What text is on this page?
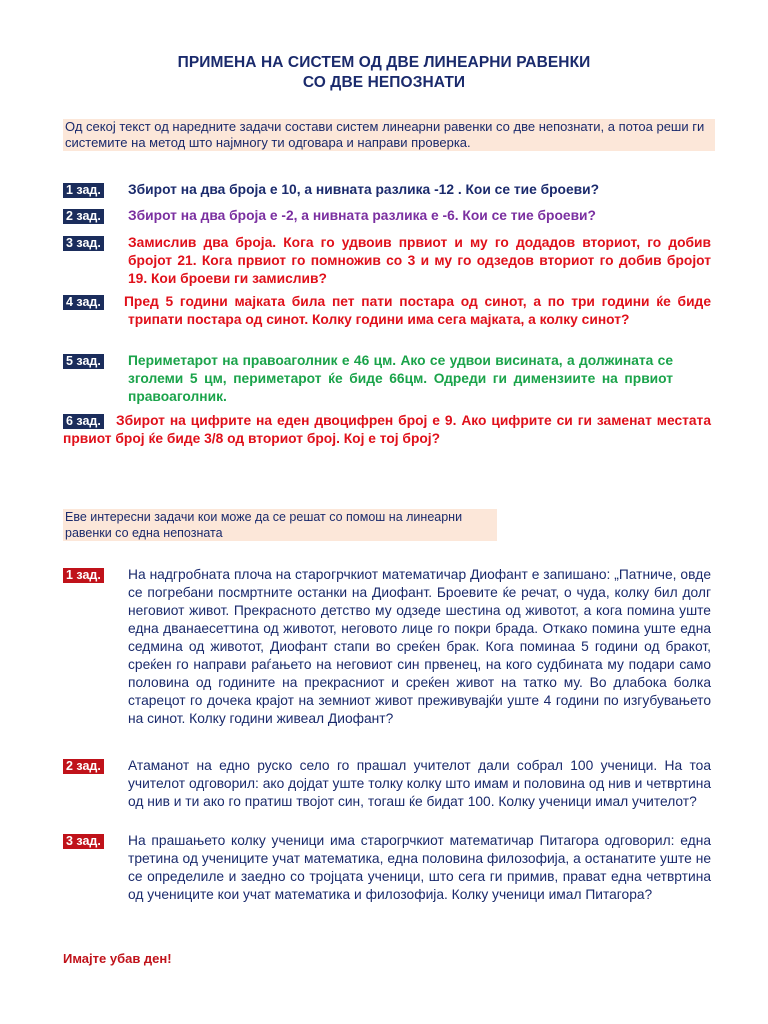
ПРИМЕНА НА СИСТЕМ ОД ДВЕ ЛИНЕАРНИ РАВЕНКИ
СО ДВЕ НЕПОЗНАТИ
Од секој текст од наредните задачи состави систем линеарни равенки со две непознати, а потоа реши ги системите на метод што најмногу ти одговара и направи проверка.
1 зад. Збирот на два броја е 10, а нивната разлика -12 . Кои се тие броеви?
2 зад. Збирот на два броја е -2, а нивната разлика е -6. Кои се тие броеви?
3 зад. Замислив два броја. Кога го удвоив првиот и му го додадов вториот, го добив бројот 21. Кога првиот го помножив со 3 и му го одзедов вториот го добив бројот 19. Кои броеви ги замислив?
4 зад. Пред 5 години мајката била пет пати постара од синот, а по три години ќе биде трипати постара од синот. Колку години има сега мајката, а колку синот?
5 зад. Периметарот на правоаголник е 46 цм. Ако се удвои висината, а должината се зголеми 5 цм, периметарот ќе биде 66цм. Одреди ги димензиите на првиот правоаголник.
6 зад.	Збирот на цифрите на еден двоцифрен број е 9. Ако цифрите си ги заменат местата првиот број ќе биде 3/8 од вториот број. Кој е тој број?
Еве интересни задачи кои може да се решат со помош на линеарни равенки со една непозната
1 зад. На надгробната плоча на старогрчкиот математичар Диофант е запишано: „Патниче, овде се погребани посмртните останки на Диофант. Броевите ќе речат, о чуда, колку бил долг неговиот живот. Прекрасното детство му одзеде шестина од животот, а кога помина уште една дванаесеттина од животот, неговото лице го покри брада. Откако помина уште една седмина од животот, Диофант стапи во среќен брак. Кога поминаа 5 години од бракот, среќен го направи раѓањето на неговиот син првенец, на кого судбината му подари само половина од годините на прекрасниот и среќен живот на татко му. Во длабока болка старецот го дочека крајот на земниот живот преживувајќи уште 4 години по изгубувањето на синот. Колку години живеал Диофант?
2 зад. Атаманот на едно руско село го прашал учителот дали собрал 100 ученици. На тоа учителот одговорил: ако дојдат уште толку колку што имам и половина од нив и четвртина од нив и ти ако го пратиш твојот син, тогаш ќе бидат 100. Колку ученици имал учителот?
3 зад. На прашањето колку ученици има старогрчкиот математичар Питагора одговорил: една третина од учениците учат математика, една половина филозофија, а останатите уште не се определиле и заедно со тројцата ученици, што сега ги примив, прават една четвртина од учениците кои учат математика и филозофија. Колку ученици имал Питагора?
Имајте убав ден!
